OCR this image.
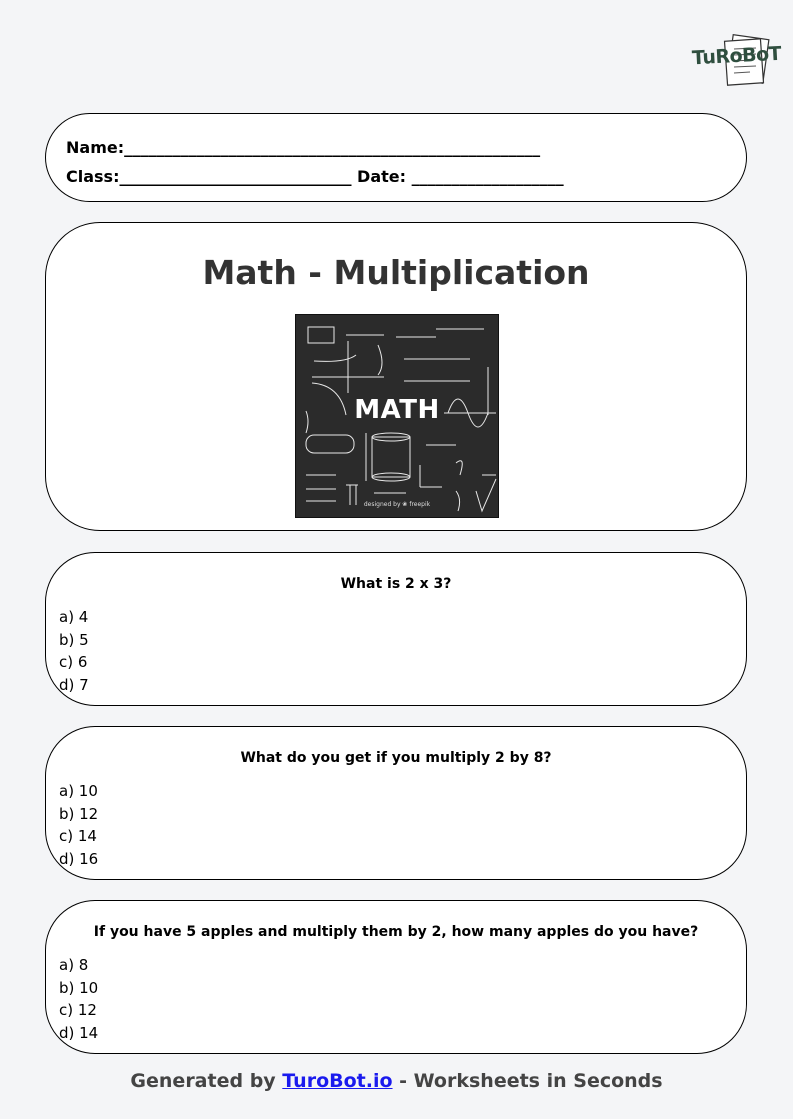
TuRoBoT
Name:____________________________________________________
Class:_____________________________ Date: ___________________
Math - Multiplication
MATH
designed by ❀ freepik
What is 2 x 3?
a) 4
b) 5
c) 6
d) 7
What do you get if you multiply 2 by 8?
a) 10
b) 12
c) 14
d) 16
If you have 5 apples and multiply them by 2, how many apples do you have?
a) 8
b) 10
c) 12
d) 14
Generated by TuroBot.io - Worksheets in Seconds
